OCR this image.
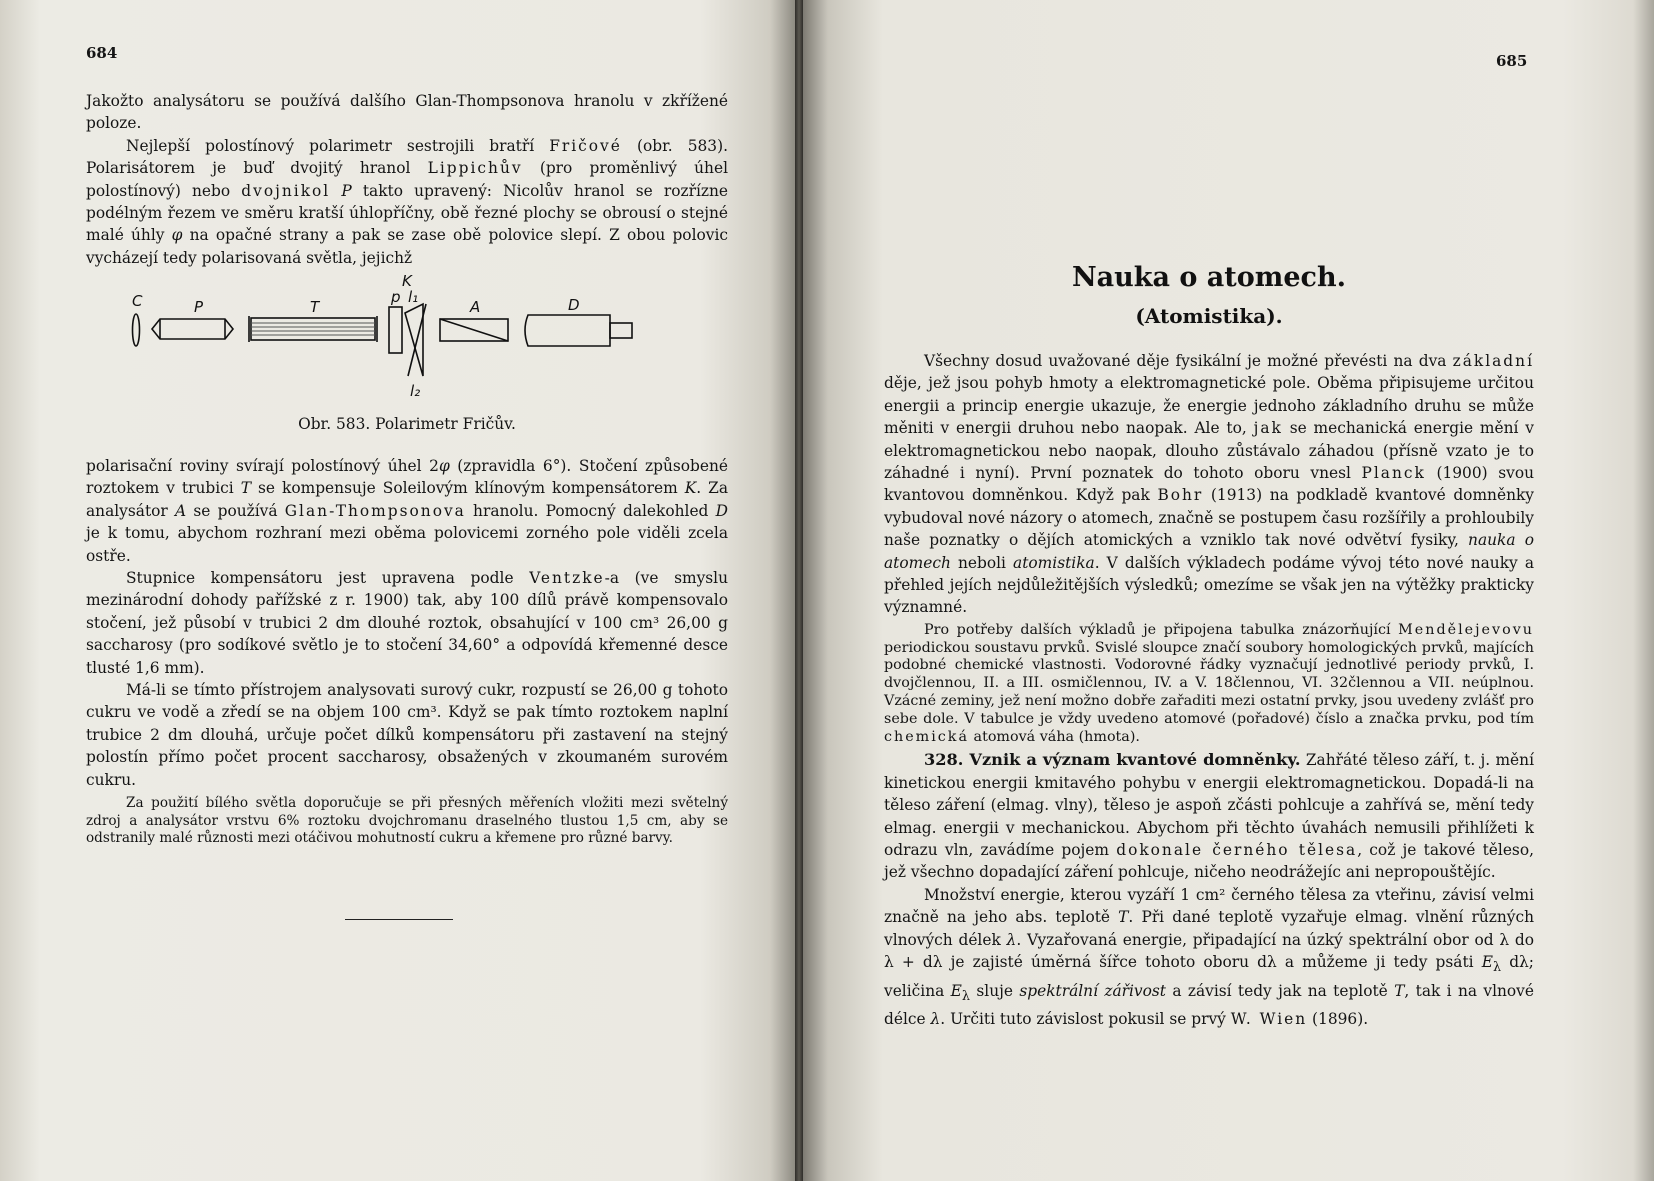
684

Jakožto analysátoru se používá dalšího Glan-Thompsonova hranolu v zkřížené poloze.

Nejlepší polostínový polarimetr sestrojili bratří Fričové (obr. 583). Polarisátorem je buď dvojitý hranol Lippichův (pro proměnlivý úhel polostínový) nebo dvojnikol P takto upravený: Nicolův hranol se rozřízne podélným řezem ve směru kratší úhlopříčny, obě řezné plochy se obrousí o stejné malé úhly φ na opačné strany a pak se zase obě polovice slepí. Z obou polovic vycházejí tedy polarisovaná světla, jejichž

C	P	T
K
p l₁
l₂
A	D
Obr. 583. Polarimetr Fričův.

polarisační roviny svírají polostínový úhel 2φ (zpravidla 6°). Stočení způsobené roztokem v trubici T se kompensuje Soleilovým klínovým kompensátorem K. Za analysátor A se používá Glan-Thompsonova hranolu. Pomocný dalekohled D je k tomu, abychom rozhraní mezi oběma polovicemi zorného pole viděli zcela ostře.

Stupnice kompensátoru jest upravena podle Ventzke-a (ve smyslu mezinárodní dohody pařížské z r. 1900) tak, aby 100 dílů právě kompensovalo stočení, jež působí v trubici 2 dm dlouhé roztok, obsahující v 100 cm³ 26,00 g saccharosy (pro sodíkové světlo je to stočení 34,60° a odpovídá křemenné desce tlusté 1,6 mm).

Má-li se tímto přístrojem analysovati surový cukr, rozpustí se 26,00 g tohoto cukru ve vodě a zředí se na objem 100 cm³. Když se pak tímto roztokem naplní trubice 2 dm dlouhá, určuje počet dílků kompensátoru při zastavení na stejný polostín přímo počet procent saccharosy, obsažených v zkoumaném surovém cukru.

Za použití bílého světla doporučuje se při přesných měřeních vložiti mezi světelný zdroj a analysátor vrstvu 6% roztoku dvojchromanu draselného tlustou 1,5 cm, aby se odstranily malé různosti mezi otáčivou mohutností cukru a křemene pro různé barvy.

685
Nauka o atomech.
(Atomistika).

Všechny dosud uvažované děje fysikální je možné převésti na dva základní děje, jež jsou pohyb hmoty a elektromagnetické pole. Oběma připisujeme určitou energii a princip energie ukazuje, že energie jednoho základního druhu se může měniti v energii druhou nebo naopak. Ale to, jak se mechanická energie mění v elektromagnetickou nebo naopak, dlouho zůstávalo záhadou (přísně vzato je to záhadné i nyní). První poznatek do tohoto oboru vnesl Planck (1900) svou kvantovou domněnkou. Když pak Bohr (1913) na podkladě kvantové domněnky vybudoval nové názory o atomech, značně se postupem času rozšířily a prohloubily naše poznatky o dějích atomických a vzniklo tak nové odvětví fysiky, nauka o atomech neboli atomistika. V dalších výkladech podáme vývoj této nové nauky a přehled jejích nejdůležitějších výsledků; omezíme se však jen na výtěžky prakticky významné.

Pro potřeby dalších výkladů je připojena tabulka znázorňující Mendělejevovu periodickou soustavu prvků. Svislé sloupce značí soubory homologických prvků, majících podobné chemické vlastnosti. Vodorovné řádky vyznačují jednotlivé periody prvků, I. dvojčlennou, II. a III. osmičlennou, IV. a V. 18člennou, VI. 32člennou a VII. neúplnou. Vzácné zeminy, jež není možno dobře zařaditi mezi ostatní prvky, jsou uvedeny zvlášť pro sebe dole. V tabulce je vždy uvedeno atomové (pořadové) číslo a značka prvku, pod tím chemická atomová váha (hmota).

328. Vznik a význam kvantové domněnky. Zahřáté těleso září, t. j. mění kinetickou energii kmitavého pohybu v energii elektromagnetickou. Dopadá-li na těleso záření (elmag. vlny), těleso je aspoň zčásti pohlcuje a zahřívá se, mění tedy elmag. energii v mechanickou. Abychom při těchto úvahách nemusili přihlížeti k odrazu vln, zavádíme pojem dokonale černého tělesa, což je takové těleso, jež všechno dopadající záření pohlcuje, ničeho neodrážejíc ani nepropouštějíc.

Množství energie, kterou vyzáří 1 cm² černého tělesa za vteřinu, závisí velmi značně na jeho abs. teplotě T. Při dané teplotě vyzařuje elmag. vlnění různých vlnových délek λ. Vyzařovaná energie, připadající na úzký spektrální obor od λ do λ + dλ je zajisté úměrná šířce tohoto oboru dλ a můžeme ji tedy psáti $E_\lambda$ dλ; veličina $E_\lambda$ sluje spektrální zářivost a závisí tedy jak na teplotě T, tak i na vlnové délce λ. Určiti tuto závislost pokusil se prvý W. Wien (1896).
